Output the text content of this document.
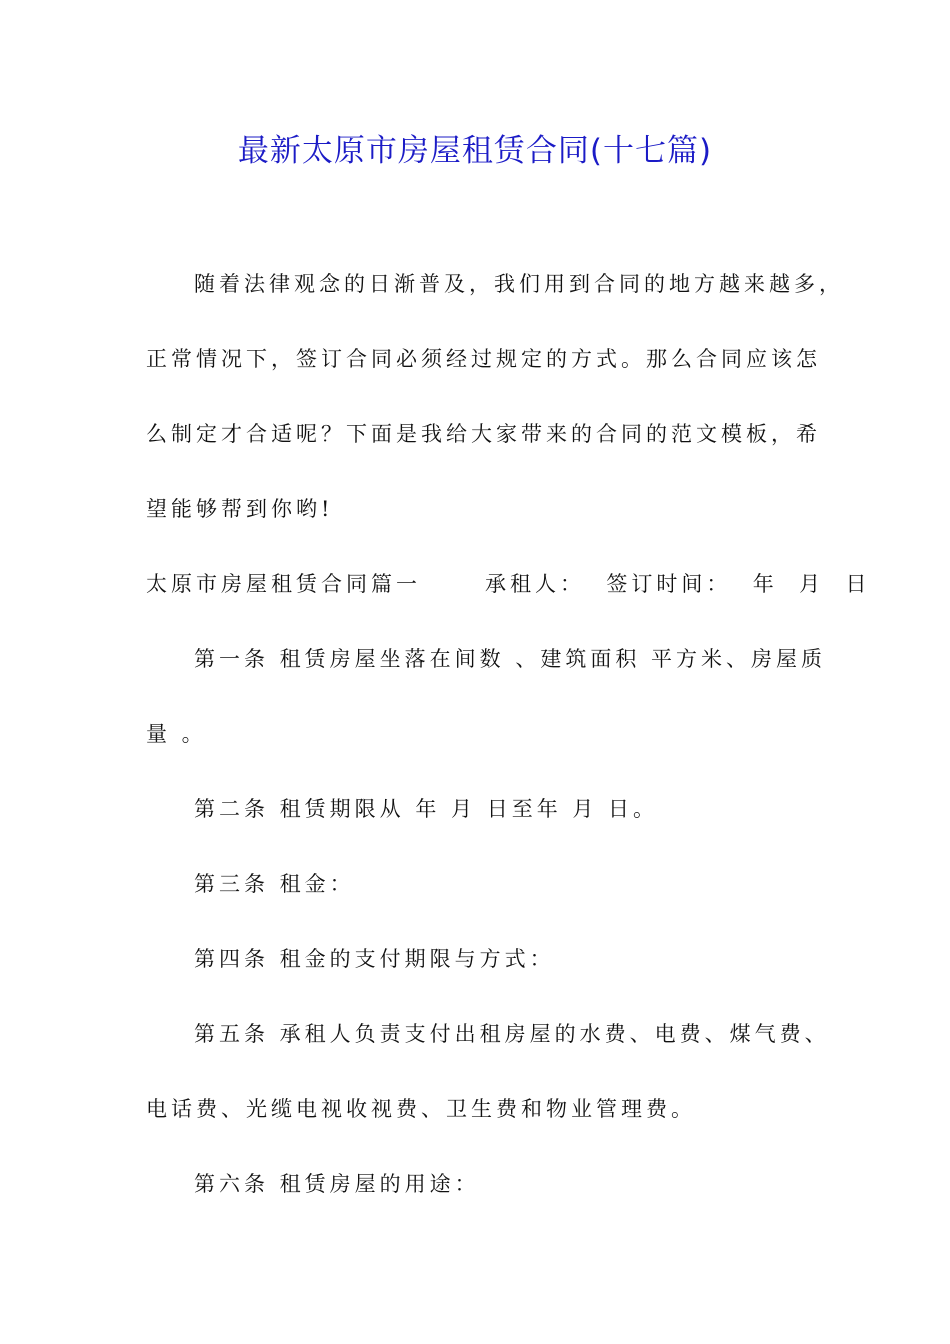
最新太原市房屋租赁合同(十七篇)
随着法律观念的日渐普及，我们用到合同的地方越来越多，
正常情况下，签订合同必须经过规定的方式。那么合同应该怎
么制定才合适呢？下面是我给大家带来的合同的范文模板，希
望能够帮到你哟!
太原市房屋租赁合同篇一      承租人：  签订时间：  年  月  日
第一条 租赁房屋坐落在间数 、建筑面积 平方米、房屋质
量 。
第二条 租赁期限从 年 月 日至年 月 日。
第三条 租金：
第四条 租金的支付期限与方式：
第五条 承租人负责支付出租房屋的水费、电费、煤气费、
电话费、光缆电视收视费、卫生费和物业管理费。
第六条 租赁房屋的用途：
